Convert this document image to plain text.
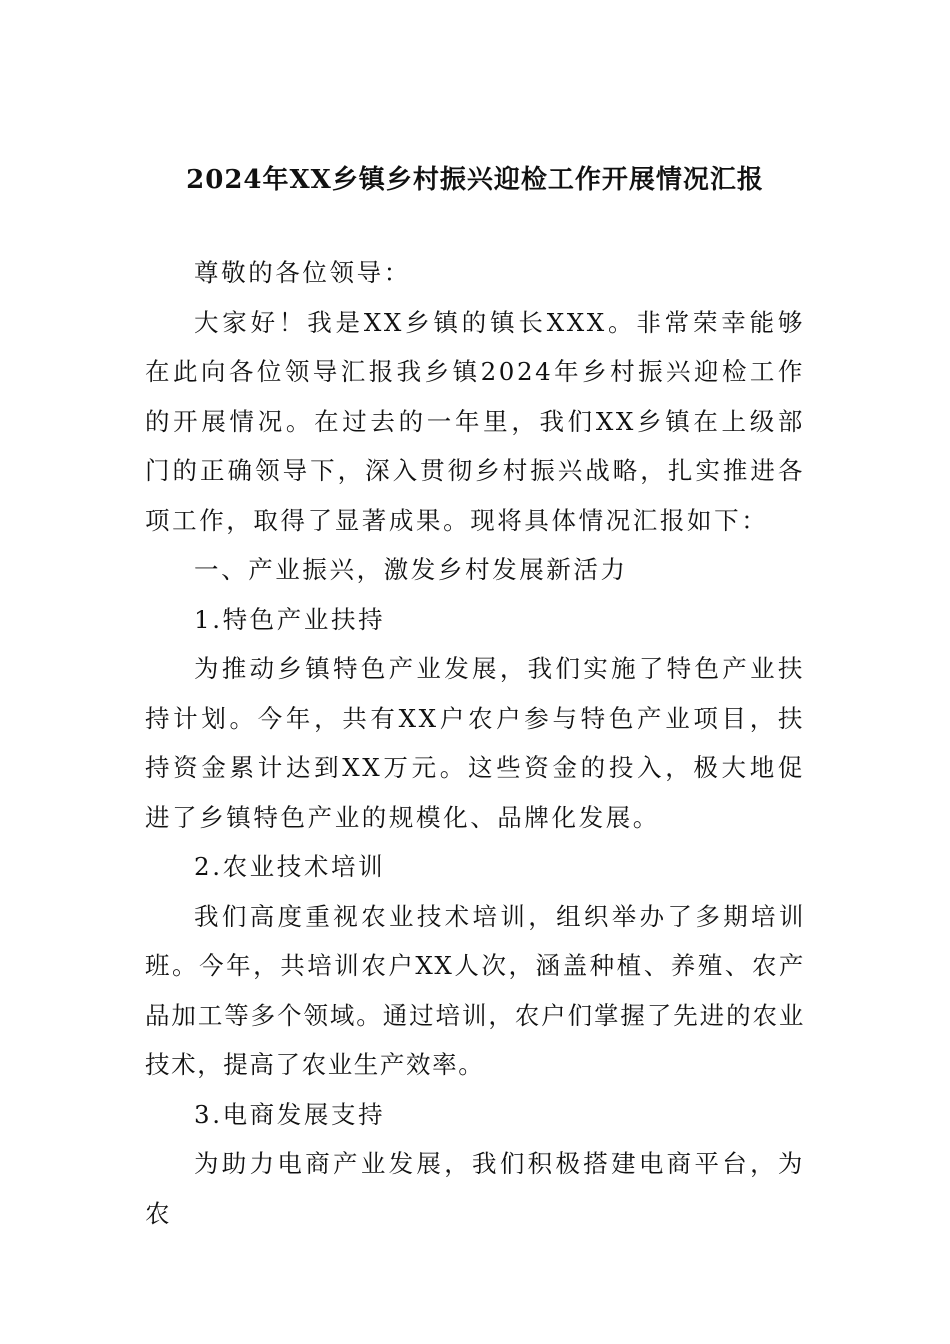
2024年XX乡镇乡村振兴迎检工作开展情况汇报

尊敬的各位领导：

大家好！我是XX乡镇的镇长XXX。非常荣幸能够在此向各位领导汇报我乡镇2024年乡村振兴迎检工作的开展情况。在过去的一年里，我们XX乡镇在上级部门的正确领导下，深入贯彻乡村振兴战略，扎实推进各项工作，取得了显著成果。现将具体情况汇报如下：

一、产业振兴，激发乡村发展新活力

1.特色产业扶持

为推动乡镇特色产业发展，我们实施了特色产业扶持计划。今年，共有XX户农户参与特色产业项目，扶持资金累计达到XX万元。这些资金的投入，极大地促进了乡镇特色产业的规模化、品牌化发展。

2.农业技术培训

我们高度重视农业技术培训，组织举办了多期培训班。今年，共培训农户XX人次，涵盖种植、养殖、农产品加工等多个领域。通过培训，农户们掌握了先进的农业技术，提高了农业生产效率。

3.电商发展支持

为助力电商产业发展，我们积极搭建电商平台，为农
